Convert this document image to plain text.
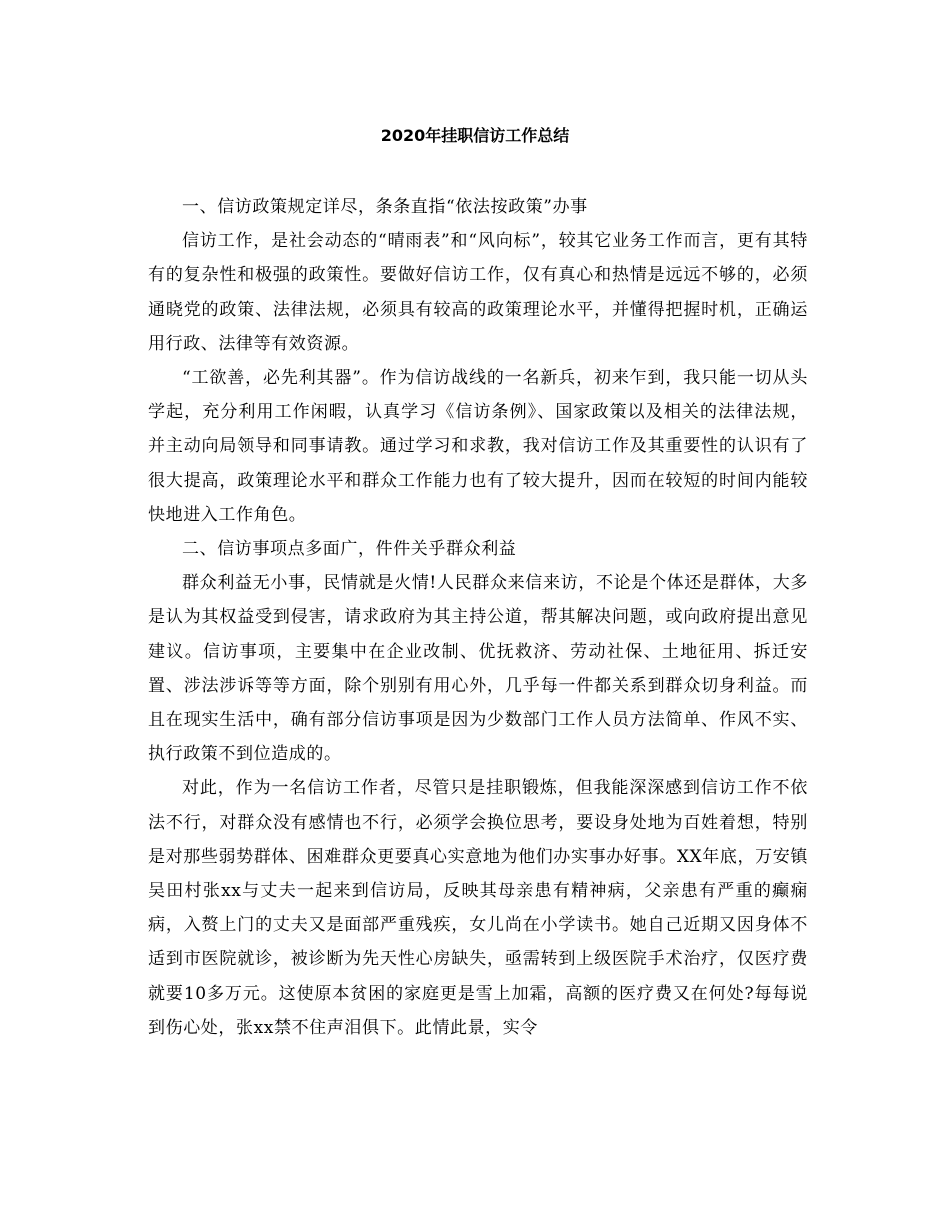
2020年挂职信访工作总结

一、信访政策规定详尽，条条直指“依法按政策”办事

信访工作，是社会动态的“晴雨表”和“风向标”，较其它业务工作而言，更有其特有的复杂性和极强的政策性。要做好信访工作，仅有真心和热情是远远不够的，必须通晓党的政策、法律法规，必须具有较高的政策理论水平，并懂得把握时机，正确运用行政、法律等有效资源。

“工欲善，必先利其器”。作为信访战线的一名新兵，初来乍到，我只能一切从头学起，充分利用工作闲暇，认真学习《信访条例》、国家政策以及相关的法律法规，并主动向局领导和同事请教。通过学习和求教，我对信访工作及其重要性的认识有了很大提高，政策理论水平和群众工作能力也有了较大提升，因而在较短的时间内能较快地进入工作角色。

二、信访事项点多面广，件件关乎群众利益

群众利益无小事，民情就是火情!人民群众来信来访，不论是个体还是群体，大多是认为其权益受到侵害，请求政府为其主持公道，帮其解决问题，或向政府提出意见建议。信访事项，主要集中在企业改制、优抚救济、劳动社保、土地征用、拆迁安置、涉法涉诉等等方面，除个别别有用心外，几乎每一件都关系到群众切身利益。而且在现实生活中，确有部分信访事项是因为少数部门工作人员方法简单、作风不实、执行政策不到位造成的。

对此，作为一名信访工作者，尽管只是挂职锻炼，但我能深深感到信访工作不依法不行，对群众没有感情也不行，必须学会换位思考，要设身处地为百姓着想，特别是对那些弱势群体、困难群众更要真心实意地为他们办实事办好事。XX年底，万安镇吴田村张xx与丈夫一起来到信访局，反映其母亲患有精神病，父亲患有严重的癫痫病，入赘上门的丈夫又是面部严重残疾，女儿尚在小学读书。她自己近期又因身体不适到市医院就诊，被诊断为先天性心房缺失，亟需转到上级医院手术治疗，仅医疗费就要10多万元。这使原本贫困的家庭更是雪上加霜，高额的医疗费又在何处?每每说到伤心处，张xx禁不住声泪俱下。此情此景，实令
